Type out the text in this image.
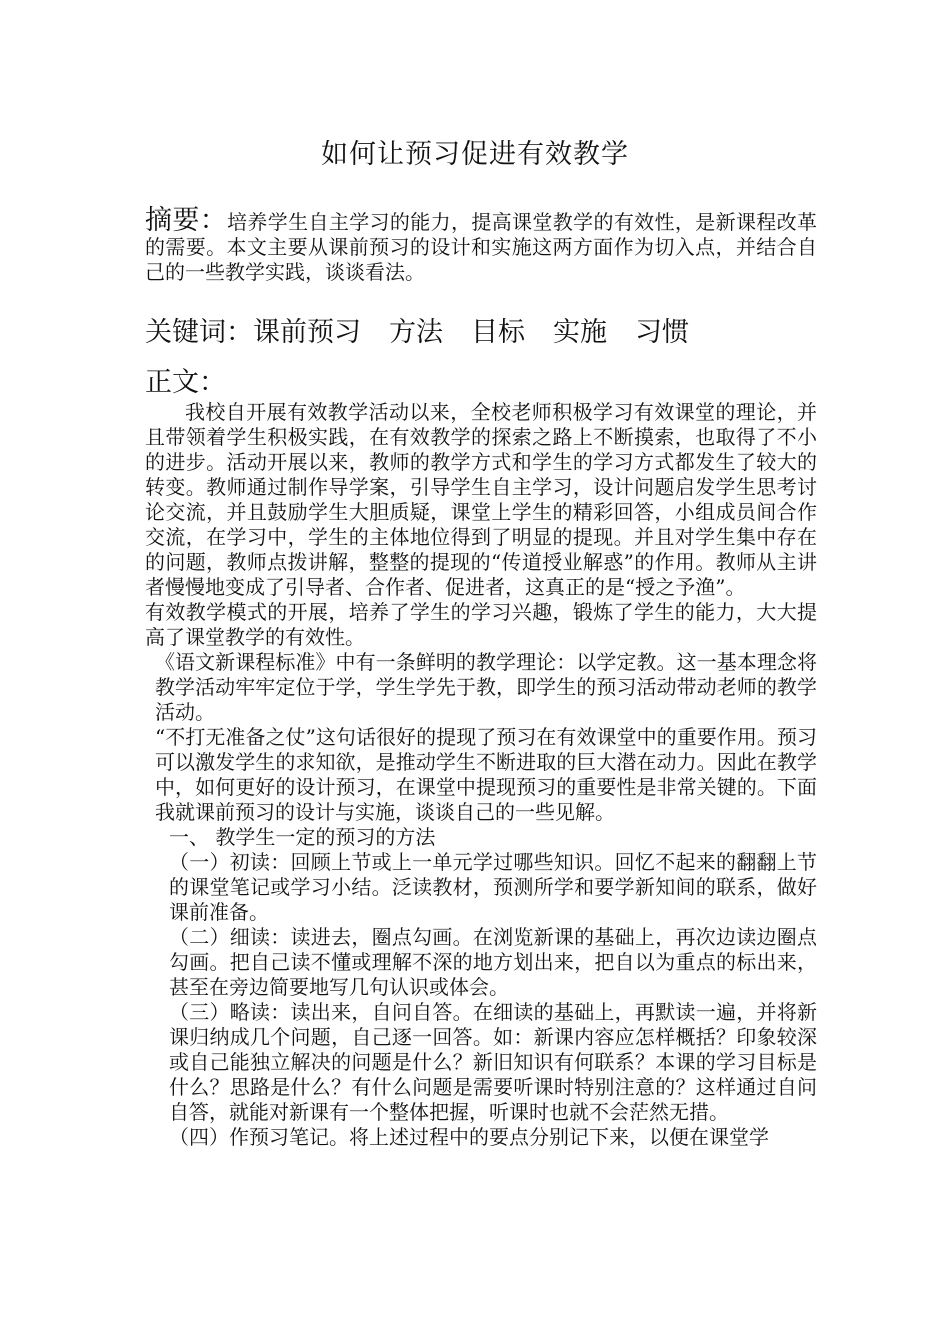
如何让预习促进有效教学
摘要：培养学生自主学习的能力，提高课堂教学的有效性，是新课程改革的需要。本文主要从课前预习的设计和实施这两方面作为切入点，并结合自己的一些教学实践，谈谈看法。
关键词：课前预习 方法 目标 实施 习惯
正文：
我校自开展有效教学活动以来，全校老师积极学习有效课堂的理论，并且带领着学生积极实践，在有效教学的探索之路上不断摸索，也取得了不小的进步。活动开展以来，教师的教学方式和学生的学习方式都发生了较大的转变。教师通过制作导学案，引导学生自主学习，设计问题启发学生思考讨论交流，并且鼓励学生大胆质疑，课堂上学生的精彩回答，小组成员间合作交流，在学习中，学生的主体地位得到了明显的提现。并且对学生集中存在的问题，教师点拨讲解，整整的提现的“传道授业解惑”的作用。教师从主讲者慢慢地变成了引导者、合作者、促进者，这真正的是“授之予渔”。
有效教学模式的开展，培养了学生的学习兴趣，锻炼了学生的能力，大大提高了课堂教学的有效性。
《语文新课程标准》中有一条鲜明的教学理论：以学定教。这一基本理念将教学活动牢牢定位于学，学生学先于教，即学生的预习活动带动老师的教学活动。
“不打无准备之仗”这句话很好的提现了预习在有效课堂中的重要作用。预习可以激发学生的求知欲，是推动学生不断进取的巨大潜在动力。因此在教学中，如何更好的设计预习，在课堂中提现预习的重要性是非常关键的。下面我就课前预习的设计与实施，谈谈自己的一些见解。
一、 教学生一定的预习的方法
（一）初读：回顾上节或上一单元学过哪些知识。回忆不起来的翻翻上节的课堂笔记或学习小结。泛读教材，预测所学和要学新知间的联系，做好课前准备。
（二）细读：读进去，圈点勾画。在浏览新课的基础上，再次边读边圈点勾画。把自己读不懂或理解不深的地方划出来，把自以为重点的标出来，甚至在旁边简要地写几句认识或体会。
（三）略读：读出来，自问自答。在细读的基础上，再默读一遍，并将新课归纳成几个问题，自己逐一回答。如：新课内容应怎样概括？印象较深或自己能独立解决的问题是什么？新旧知识有何联系？本课的学习目标是什么？思路是什么？有什么问题是需要听课时特别注意的？这样通过自问自答，就能对新课有一个整体把握，听课时也就不会茫然无措。
（四）作预习笔记。将上述过程中的要点分别记下来，以便在课堂学
